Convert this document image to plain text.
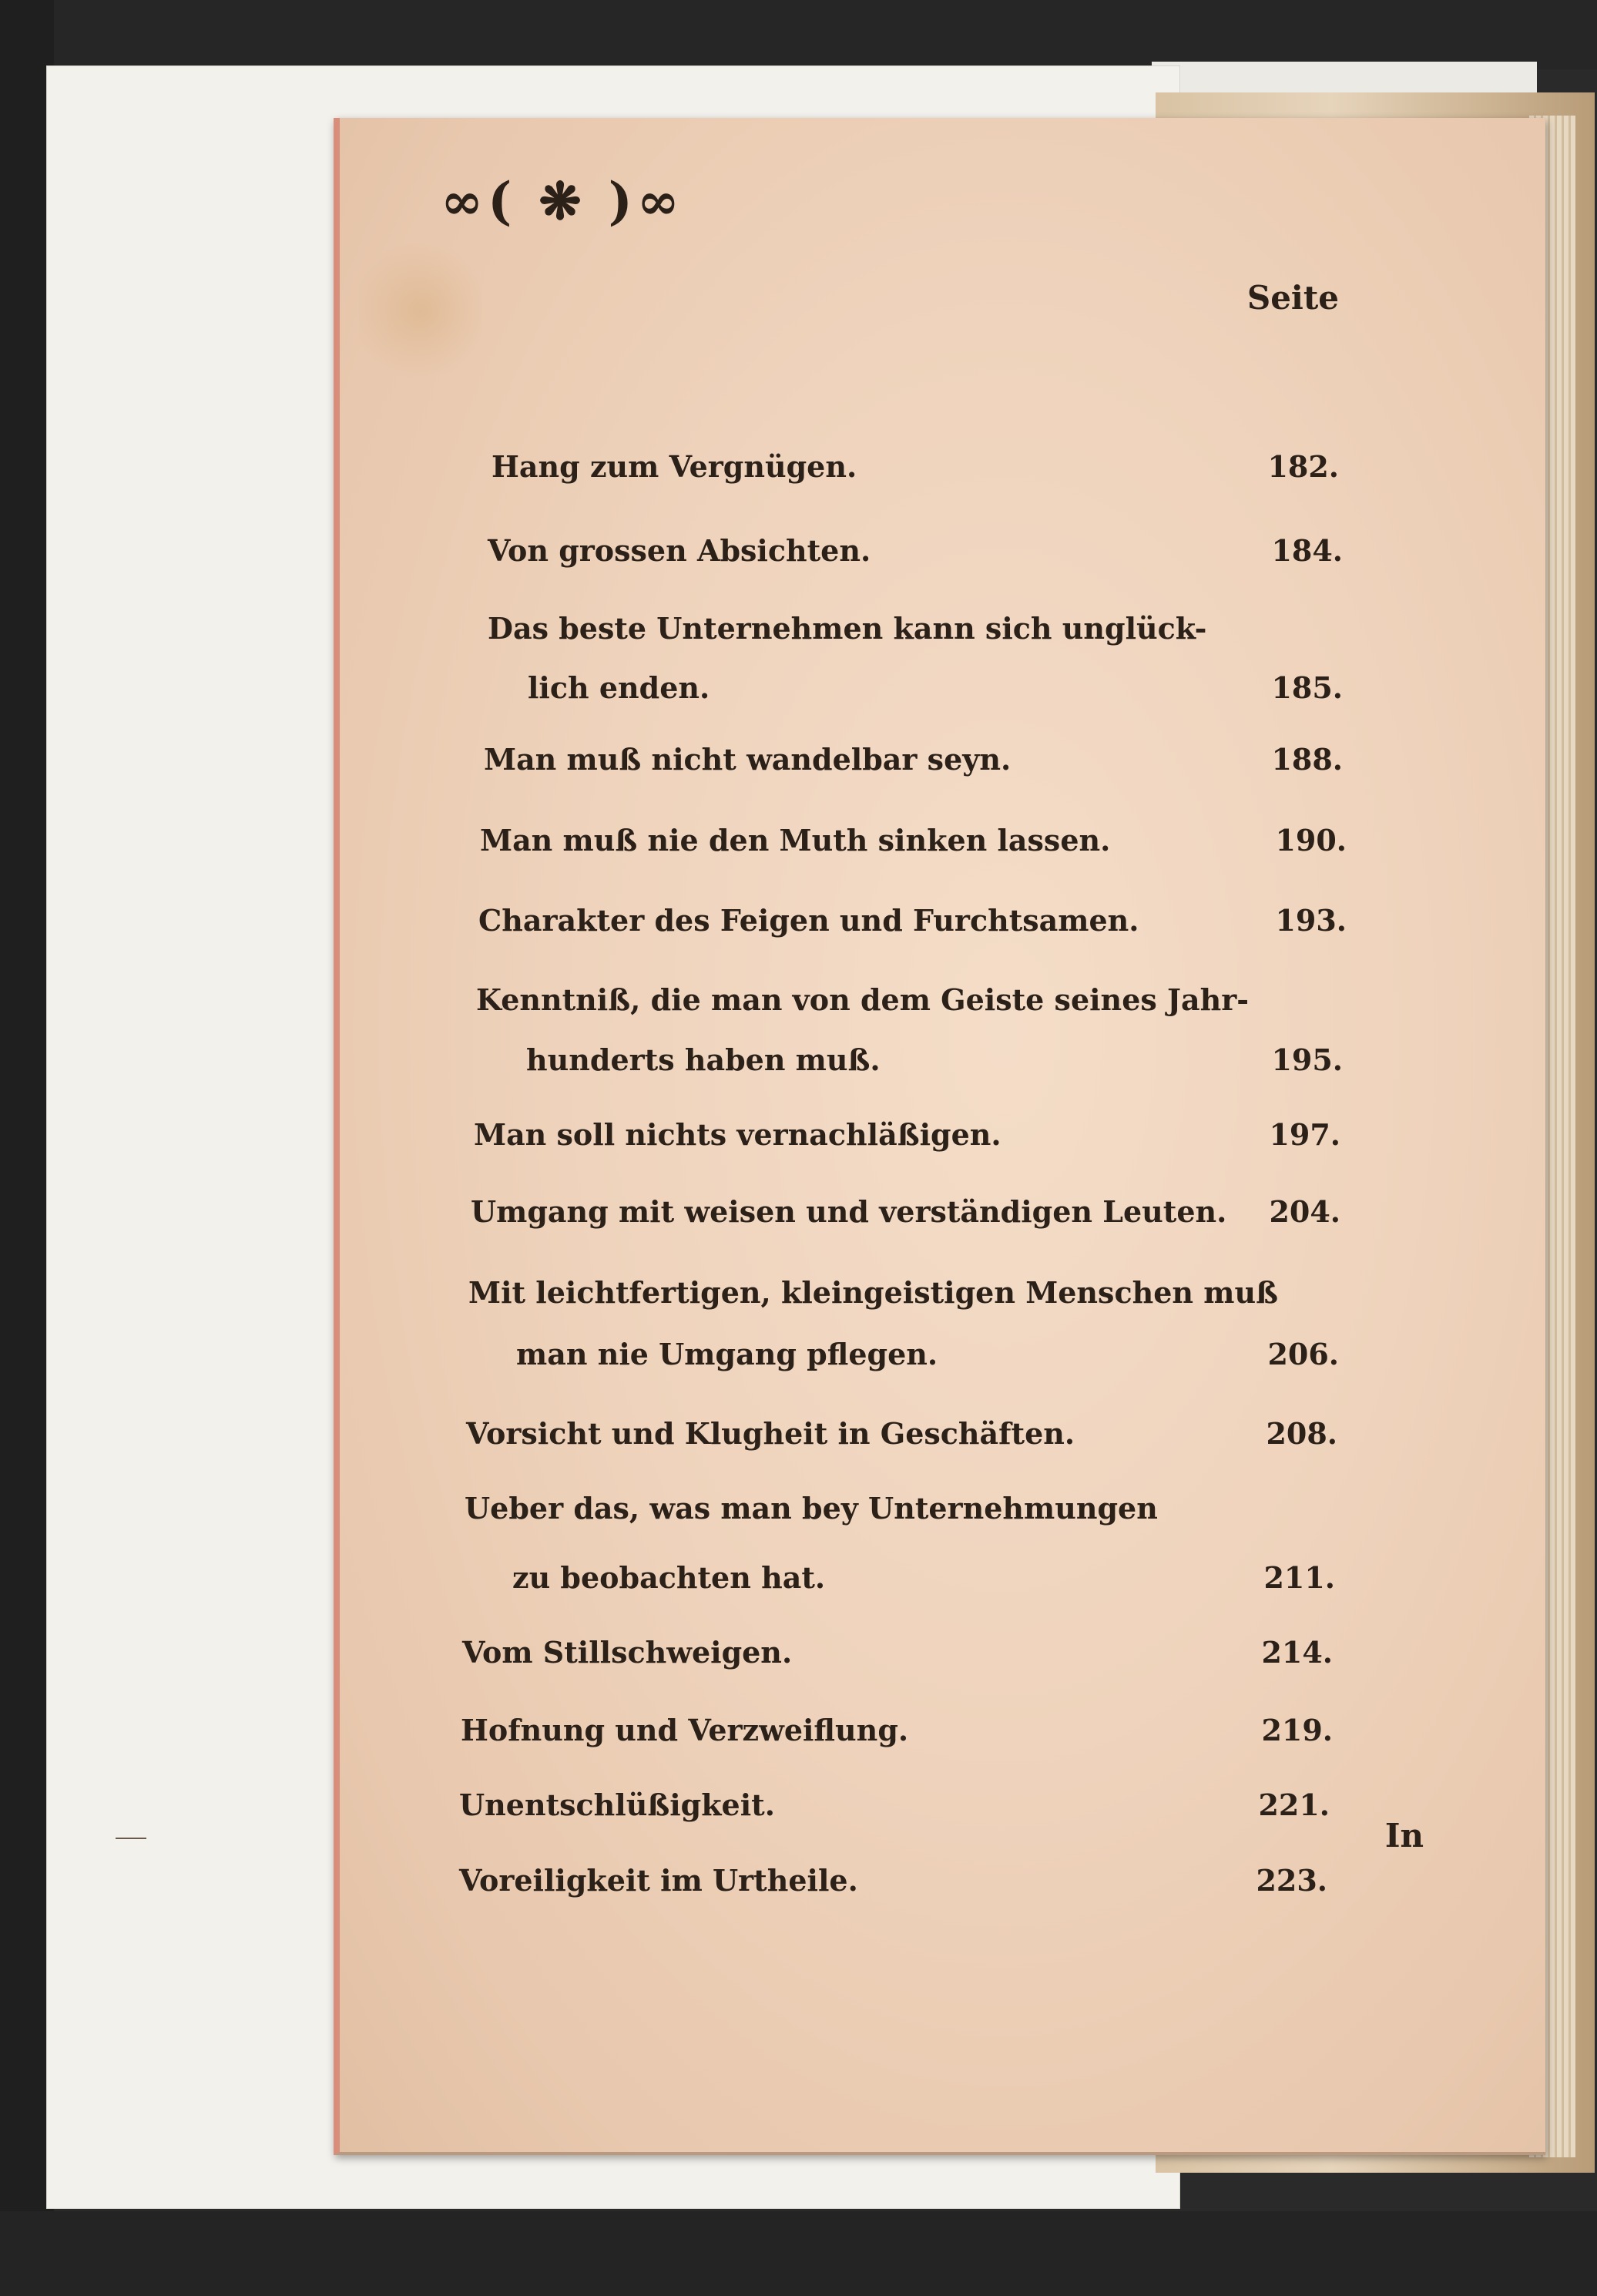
∞( ❋ )∞
Seite
Hang zum Vergnügen.	182.
Von grossen Absichten.	184.
Das beste Unternehmen kann sich unglück-
lich enden.	185.
Man muß nicht wandelbar seyn.	188.
Man muß nie den Muth sinken lassen.	190.
Charakter des Feigen und Furchtsamen.	193.
Kenntniß, die man von dem Geiste seines Jahr-
hunderts haben muß.	195.
Man soll nichts vernachläßigen.	197.
Umgang mit weisen und verständigen Leuten. 204.
Mit leichtfertigen, kleingeistigen Menschen muß
man nie Umgang pflegen.	206.
Vorsicht und Klugheit in Geschäften.	208.
Ueber das, was man bey Unternehmungen
zu beobachten hat.	211.
Vom Stillschweigen.	214.
Hofnung und Verzweiflung.	219.
Unentschlüßigkeit.	221.
Voreiligkeit im Urtheile.	223.
In
